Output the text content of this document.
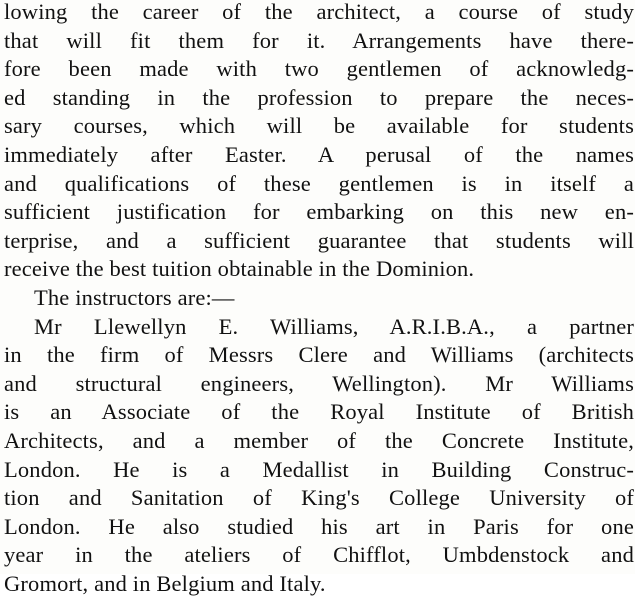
lowing the career of the architect, a course of study
that will fit them for it. Arrangements have there-
fore been made with two gentlemen of acknowledg-
ed standing in the profession to prepare the neces-
sary courses, which will be available for students
immediately after Easter. A perusal of the names
and qualifications of these gentlemen is in itself a
sufficient justification for embarking on this new en-
terprise, and a sufficient guarantee that students will
receive the best tuition obtainable in the Dominion.
The instructors are:—
Mr Llewellyn E. Williams, A.R.I.B.A., a partner
in the firm of Messrs Clere and Williams (architects
and structural engineers, Wellington). Mr Williams
is an Associate of the Royal Institute of British
Architects, and a member of the Concrete Institute,
London. He is a Medallist in Building Construc-
tion and Sanitation of King's College University of
London. He also studied his art in Paris for one
year in the ateliers of Chifflot, Umbdenstock and
Gromort, and in Belgium and Italy.
